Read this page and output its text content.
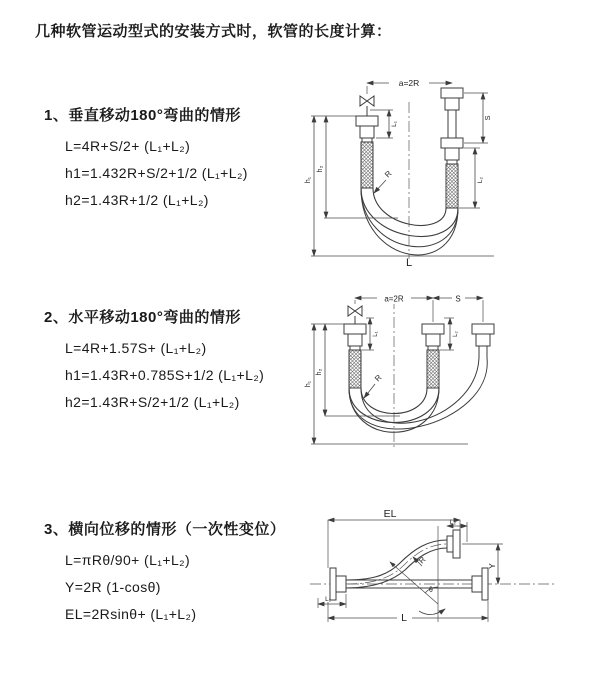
几种软管运动型式的安装方式时，软管的长度计算：
1、垂直移动180°弯曲的情形
L=4R+S/2+ (L₁+L₂)
h1=1.432R+S/2+1/2 (L₁+L₂)
h2=1.43R+1/2 (L₁+L₂)
2、水平移动180°弯曲的情形
L=4R+1.57S+ (L₁+L₂)
h1=1.43R+0.785S+1/2 (L₁+L₂)
h2=1.43R+S/2+1/2 (L₁+L₂)
3、横向位移的情形（一次性变位）
L=πRθ/90+ (L₁+L₂)
Y=2R (1-cosθ)
EL=2Rsinθ+ (L₁+L₂)
a=2R
h₁
h₂
L₁
S
L₂
R
L
a=2R	S
h₁
h₂
L₁	L₂
R
θ
EL
L₂
Y
L
L₁
R
